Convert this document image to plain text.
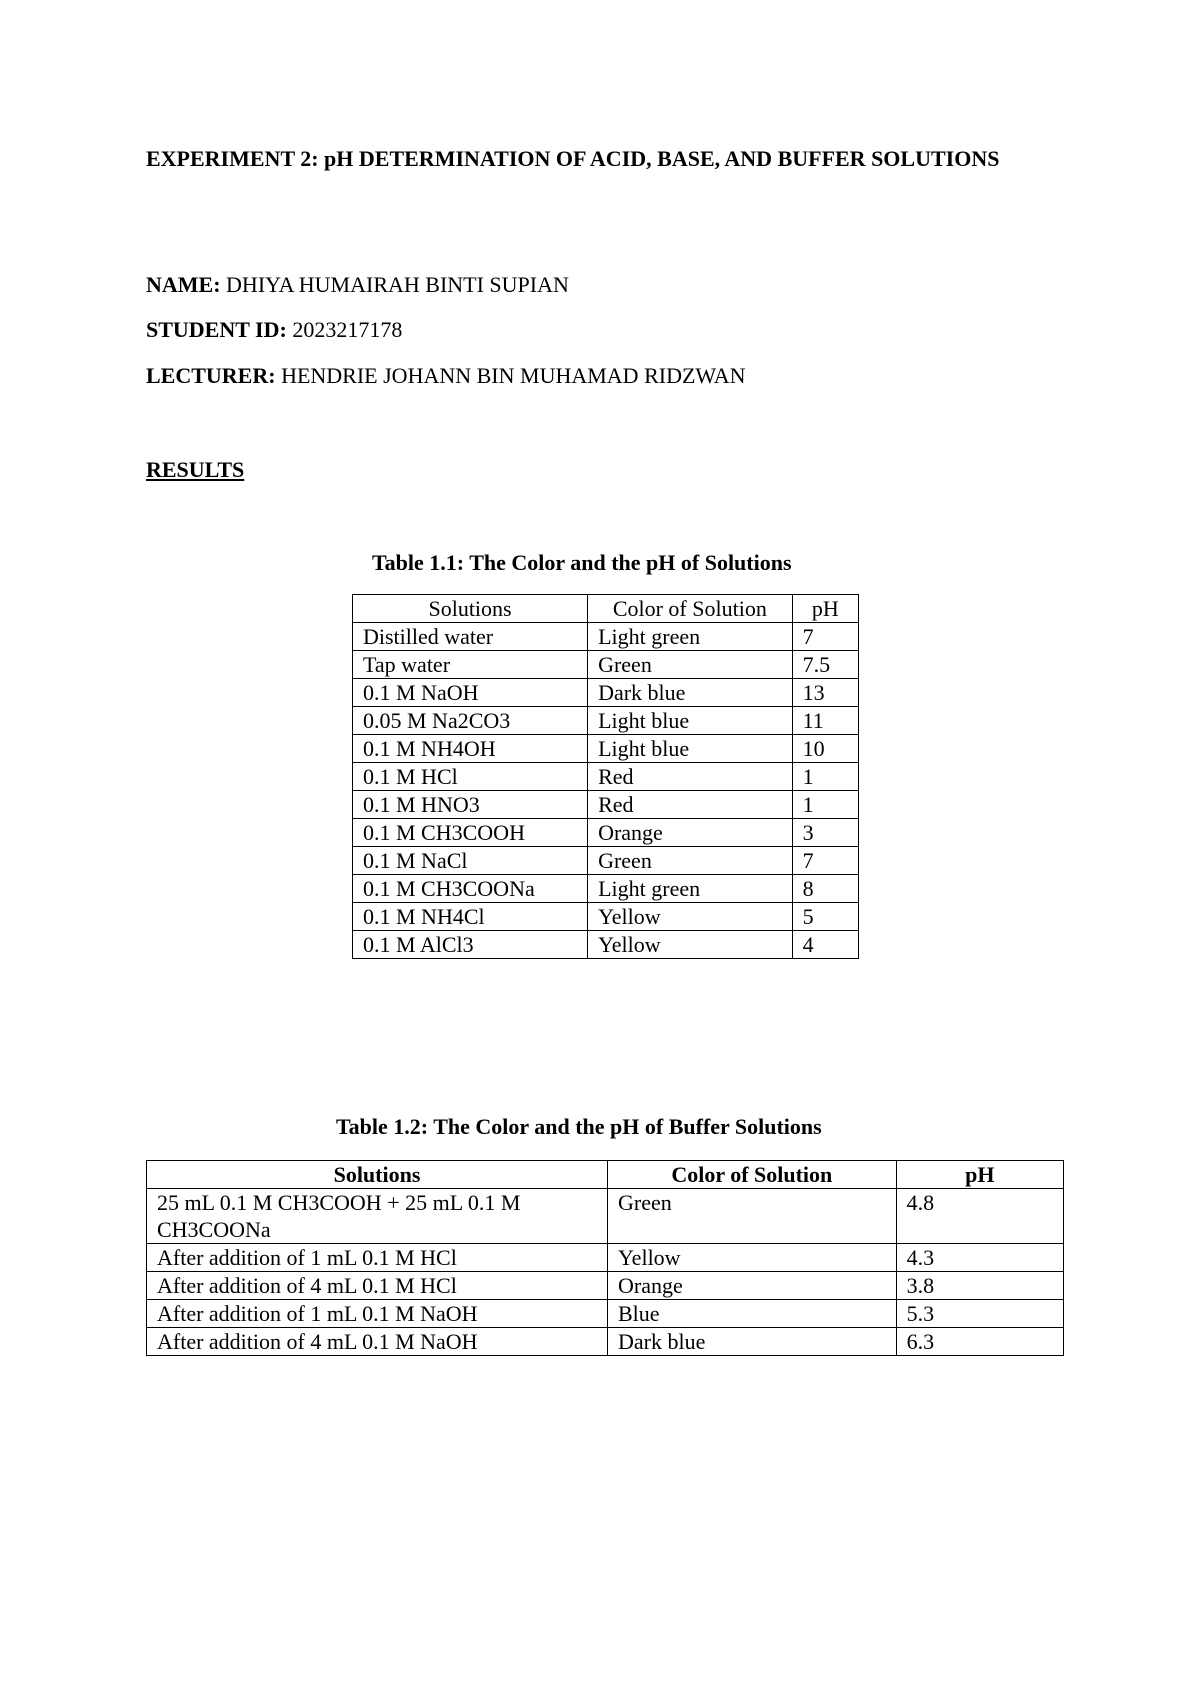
EXPERIMENT 2: pH DETERMINATION OF ACID, BASE, AND BUFFER SOLUTIONS
NAME: DHIYA HUMAIRAH BINTI SUPIAN
STUDENT ID: 2023217178
LECTURER: HENDRIE JOHANN BIN MUHAMAD RIDZWAN
RESULTS
Table 1.1: The Color and the pH of Solutions
Solutions	Color of Solution	pH
Distilled water	Light green	7
Tap water	Green	7.5
0.1 M NaOH	Dark blue	13
0.05 M Na2CO3	Light blue	11
0.1 M NH4OH	Light blue	10
0.1 M HCl	Red	1
0.1 M HNO3	Red	1
0.1 M CH3COOH	Orange	3
0.1 M NaCl	Green	7
0.1 M CH3COONa	Light green	8
0.1 M NH4Cl	Yellow	5
0.1 M AlCl3	Yellow	4
Table 1.2: The Color and the pH of Buffer Solutions
Solutions	Color of Solution	pH
25 mL 0.1 M CH3COOH + 25 mL 0.1 M CH3COONa	Green	4.8
After addition of 1 mL 0.1 M HCl	Yellow	4.3
After addition of 4 mL 0.1 M HCl	Orange	3.8
After addition of 1 mL 0.1 M NaOH	Blue	5.3
After addition of 4 mL 0.1 M NaOH	Dark blue	6.3
